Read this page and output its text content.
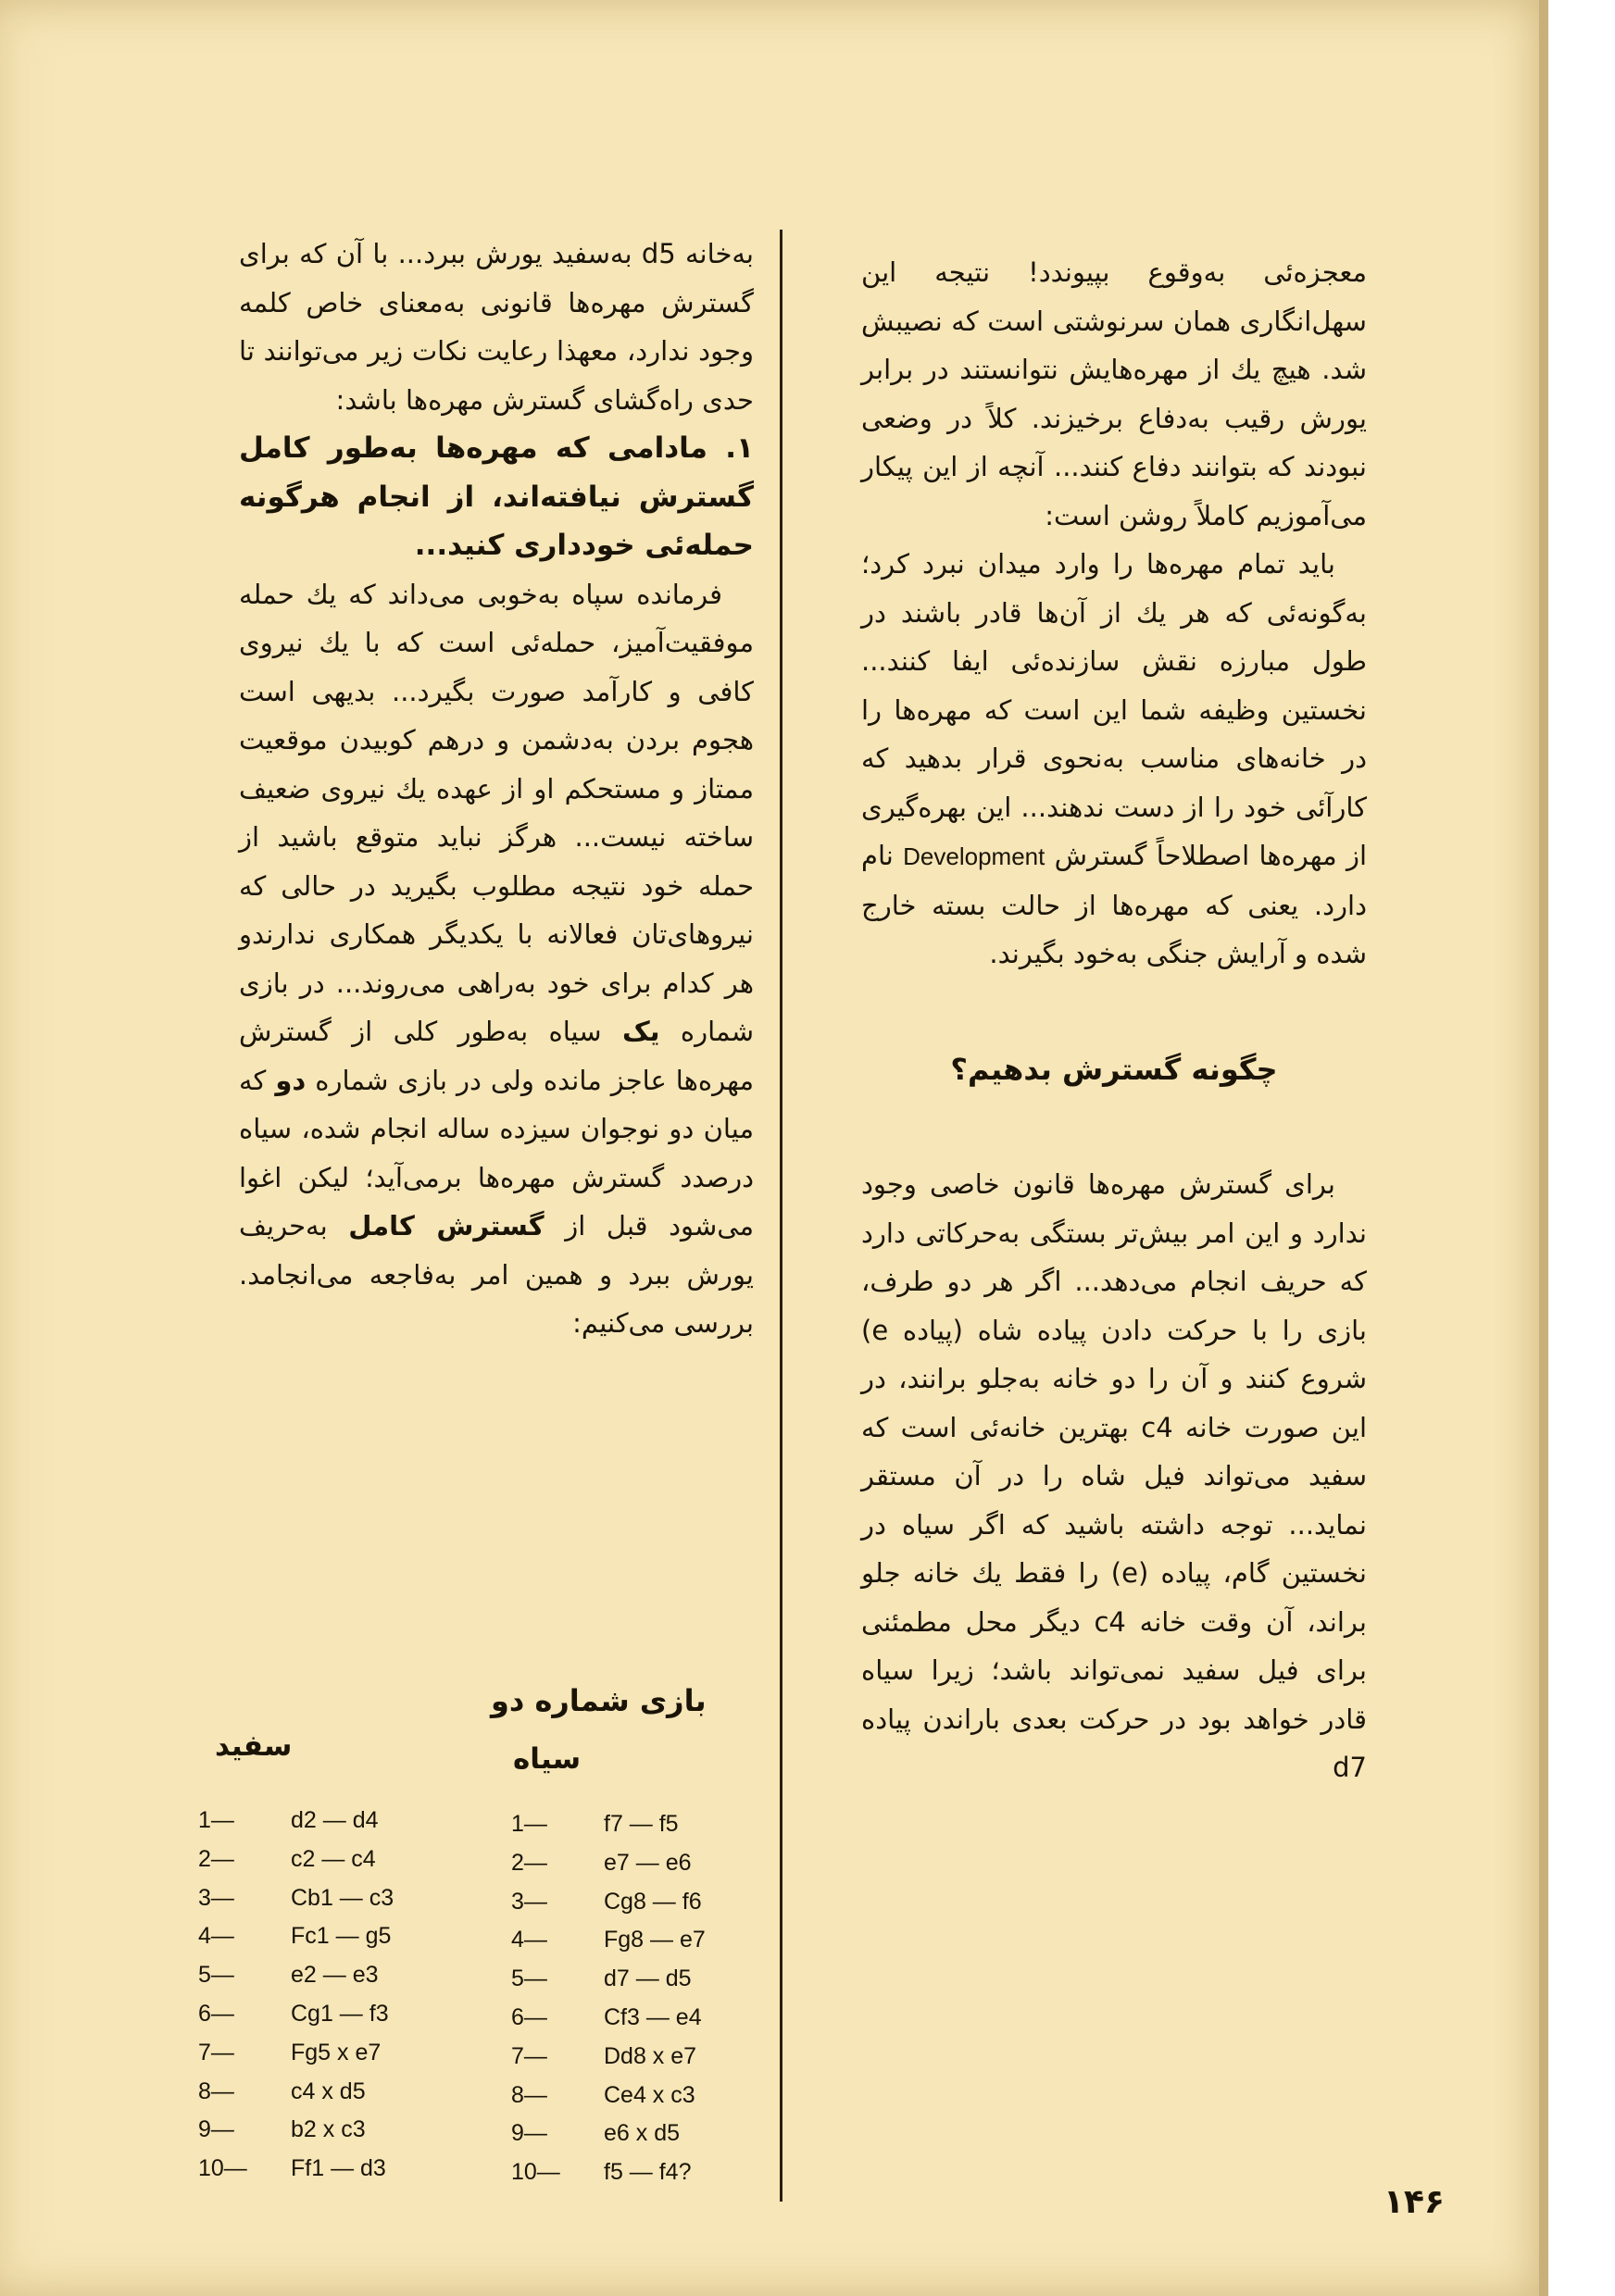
معجزه‌ئی به‌وقوع بپیوندد! نتیجه این سهل‌انگاری همان سرنوشتی است که نصیبش شد. هیچ یك از مهره‌هایش نتوانستند در برابر یورش رقیب به‌دفاع برخیزند. کلاً در وضعی نبودند که بتوانند دفاع کنند... آنچه از این پیکار می‌آموزیم کاملاً روشن است:

باید تمام مهره‌ها را وارد میدان نبرد کرد؛ به‌گونه‌ئی که هر یك از آن‌ها قادر باشند در طول مبارزه نقش سازنده‌ئی ایفا کنند... نخستین وظیفه شما این است که مهره‌ها را در خانه‌های مناسب به‌نحوی قرار بدهید که کارآئی خود را از دست ندهند... این بهره‌گیری از مهره‌ها اصطلاحاً گسترش Development نام دارد. یعنی که مهره‌ها از حالت بسته خارج شده و آرایش جنگی به‌خود بگیرند.

چگونه گسترش بدهیم؟

برای گسترش مهره‌ها قانون خاصی وجود ندارد و این امر بیش‌تر بستگی به‌حرکاتی دارد که حریف انجام می‌دهد... اگر هر دو طرف، بازی را با حرکت دادن پیاده شاه (پیاده e) شروع کنند و آن را دو خانه به‌جلو برانند، در این صورت خانه c4 بهترین خانه‌ئی است که سفید می‌تواند فیل شاه را در آن مستقر نماید... توجه داشته باشید که اگر سیاه در نخستین گام، پیاده (e) را فقط یك خانه جلو براند، آن وقت خانه c4 دیگر محل مطمئنی برای فیل سفید نمی‌تواند باشد؛ زیرا سیاه قادر خواهد بود در حرکت بعدی باراندن پیاده d7

به‌خانه d5 به‌سفید یورش ببرد... با آن که برای گسترش مهره‌ها قانونی به‌معنای خاص کلمه وجود ندارد، معهذا رعایت نکات زیر می‌توانند تا حدی راه‌گشای گسترش مهره‌ها باشد:

۱. مادامی که مهره‌ها به‌طور کامل گسترش نیافته‌اند، از انجام هرگونه حمله‌ئی خودداری کنید...

فرمانده سپاه به‌خوبی می‌داند که یك حمله موفقیت‌آمیز، حمله‌ئی است که با یك نیروی کافی و کارآمد صورت بگیرد... بدیهی است هجوم بردن به‌دشمن و درهم کوبیدن موقعیت ممتاز و مستحکم او از عهده یك نیروی ضعیف ساخته نیست... هرگز نباید متوقع باشید از حمله خود نتیجه مطلوب بگیرید در حالی که نیروهای‌تان فعالانه با یکدیگر همکاری ندارندو هر کدام برای خود به‌راهی می‌روند... در بازی شماره یک سیاه به‌طور کلی از گسترش مهره‌ها عاجز مانده ولی در بازی شماره دو که میان دو نوجوان سیزده ساله انجام شده، سیاه درصدد گسترش مهره‌ها برمی‌آید؛ لیکن اغوا می‌شود قبل از گسترش کامل به‌حریف یورش ببرد و همین امر به‌فاجعه می‌انجامد. بررسی می‌کنیم:

بازی شماره دو
سفید	سیاه
1— d2 — d4
2— c2 — c4
3— Cb1 — c3
4— Fc1 — g5
5— e2 — e3
6— Cg1 — f3
7— Fg5 x e7
8— c4 x d5
9— b2 x c3
10— Ff1 — d3
1— f7 — f5
2— e7 — e6
3— Cg8 — f6
4— Fg8 — e7
5— d7 — d5
6— Cf3 — e4
7— Dd8 x e7
8— Ce4 x c3
9— e6 x d5
10— f5 — f4?
١۴۶
